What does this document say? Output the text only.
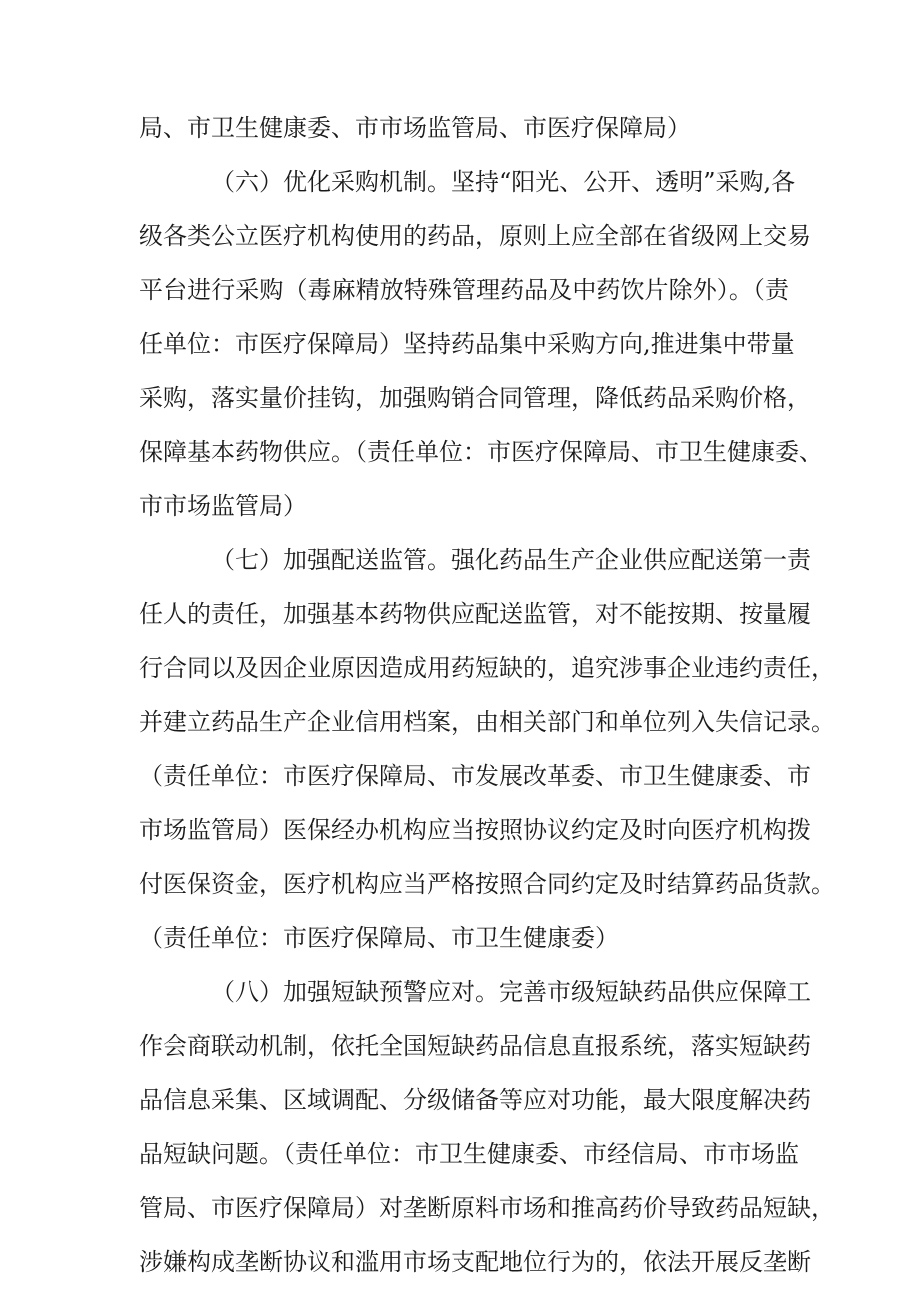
局、市卫生健康委、市市场监管局、市医疗保障局）
（六）优化采购机制。坚持“阳光、公开、透明”采购,各
级各类公立医疗机构使用的药品，原则上应全部在省级网上交易
平台进行采购（毒麻精放特殊管理药品及中药饮片除外）。（责
任单位：市医疗保障局）坚持药品集中采购方向,推进集中带量
采购，落实量价挂钩，加强购销合同管理，降低药品采购价格，
保障基本药物供应。（责任单位：市医疗保障局、市卫生健康委、
市市场监管局）
（七）加强配送监管。强化药品生产企业供应配送第一责
任人的责任，加强基本药物供应配送监管，对不能按期、按量履
行合同以及因企业原因造成用药短缺的，追究涉事企业违约责任，
并建立药品生产企业信用档案，由相关部门和单位列入失信记录。
（责任单位：市医疗保障局、市发展改革委、市卫生健康委、市
市场监管局）医保经办机构应当按照协议约定及时向医疗机构拨
付医保资金，医疗机构应当严格按照合同约定及时结算药品货款。
（责任单位：市医疗保障局、市卫生健康委）
（八）加强短缺预警应对。完善市级短缺药品供应保障工
作会商联动机制，依托全国短缺药品信息直报系统，落实短缺药
品信息采集、区域调配、分级储备等应对功能，最大限度解决药
品短缺问题。（责任单位：市卫生健康委、市经信局、市市场监
管局、市医疗保障局）对垄断原料市场和推高药价导致药品短缺，
涉嫌构成垄断协议和滥用市场支配地位行为的，依法开展反垄断
